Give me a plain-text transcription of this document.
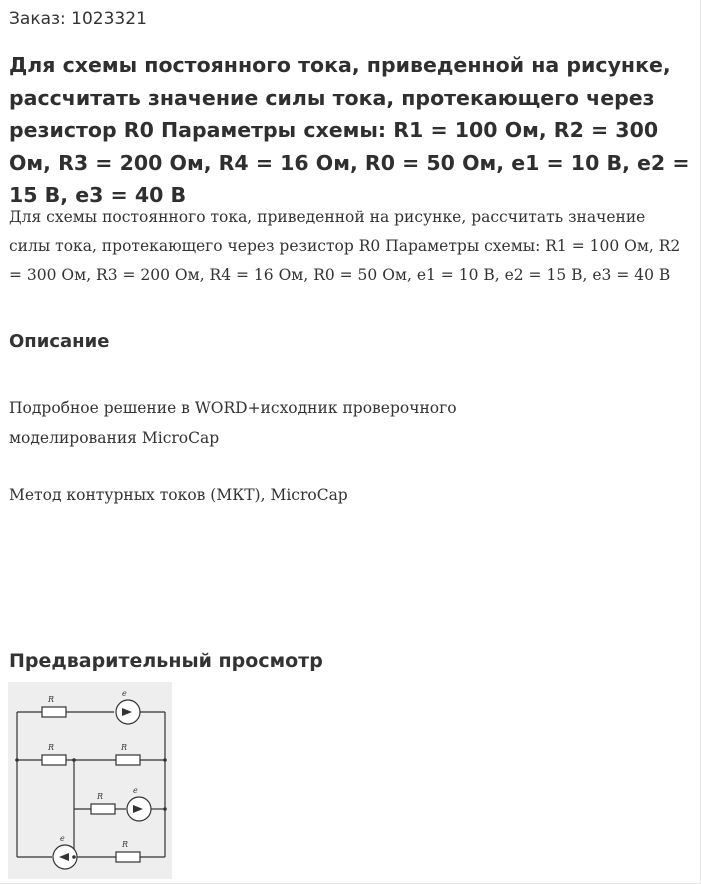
Заказ: 1023321
Для схемы постоянного тока, приведенной на рисунке, рассчитать значение силы тока, протекающего через резистор R0 Параметры схемы: R1 = 100 Ом, R2 = 300 Ом, R3 = 200 Ом, R4 = 16 Ом, R0 = 50 Ом, e1 = 10 В, e2 = 15 В, e3 = 40 В

Для схемы постоянного тока, приведенной на рисунке, рассчитать значение силы тока, протекающего через резистор R0 Параметры схемы: R1 = 100 Ом, R2 = 300 Ом, R3 = 200 Ом, R4 = 16 Ом, R0 = 50 Ом, e1 = 10 В, e2 = 15 В, e3 = 40 В

Описание

Подробное решение в WORD+исходник проверочного моделирования MicroCap

Метод контурных токов (МКТ), MicroCap

Предварительный просмотр
R
e
R	R
R
e
e
R
